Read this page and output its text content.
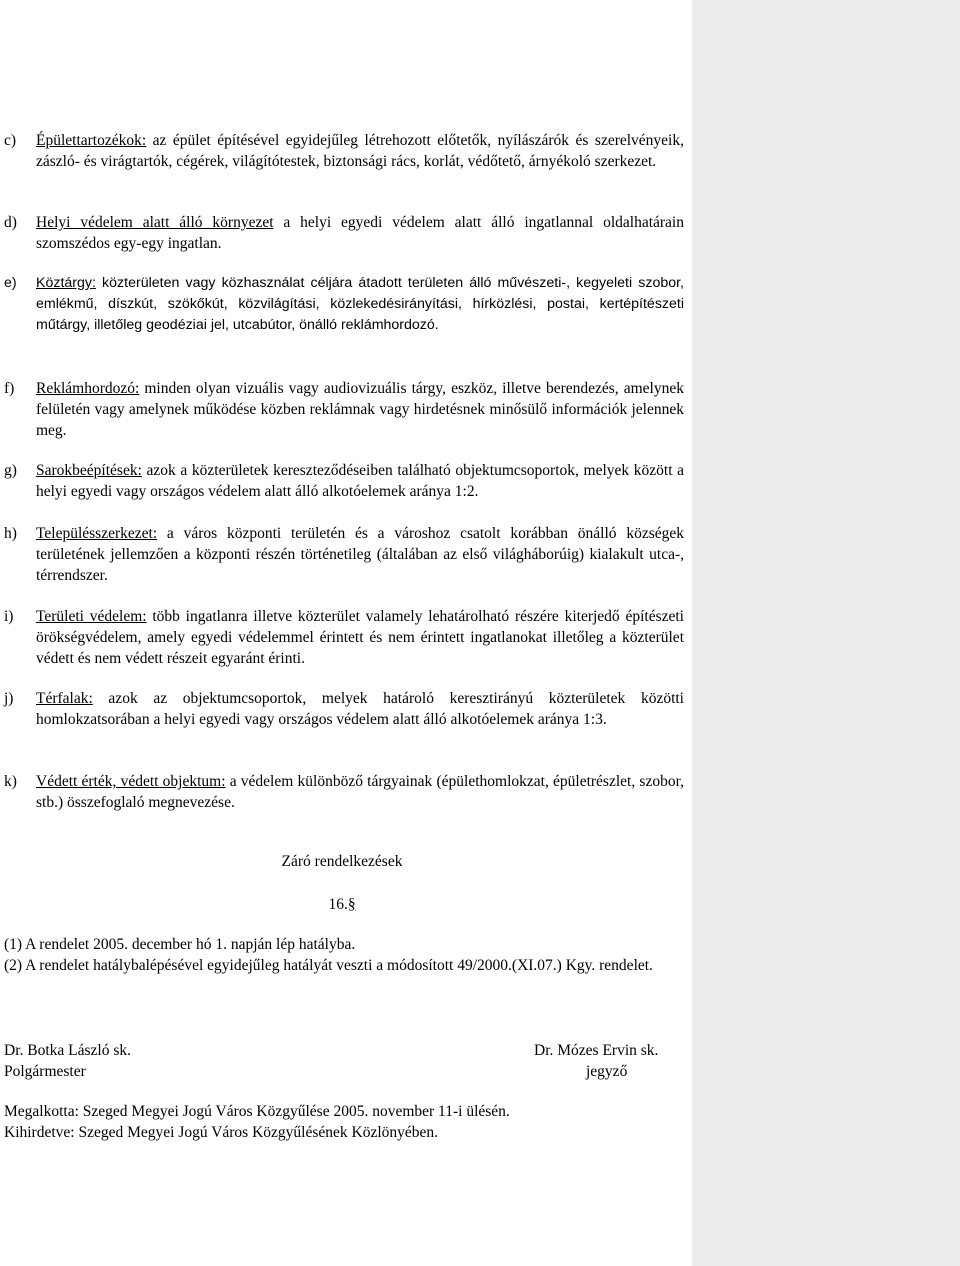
c) Épülettartozékok: az épület építésével egyidejűleg létrehozott előtetők, nyílászárók és szerelvényeik, zászló- és virágtartók, cégérek, világítótestek, biztonsági rács, korlát, védőtető, árnyékoló szerkezet.
d) Helyi védelem alatt álló környezet a helyi egyedi védelem alatt álló ingatlannal oldalhatárain szomszédos egy-egy ingatlan.
e) Köztárgy: közterületen vagy közhasználat céljára átadott területen álló művészeti-, kegyeleti szobor, emlékmű, díszkút, szökőkút, közvilágítási, közlekedésirányítási, hírközlési, postai, kertépítészeti műtárgy, illetőleg geodéziai jel, utcabútor, önálló reklámhordozó.
f) Reklámhordozó: minden olyan vizuális vagy audiovizuális tárgy, eszköz, illetve berendezés, amelynek felületén vagy amelynek működése közben reklámnak vagy hirdetésnek minősülő információk jelennek meg.
g) Sarokbeépítések: azok a közterületek kereszteződéseiben található objektumcsoportok, melyek között a helyi egyedi vagy országos védelem alatt álló alkotóelemek aránya 1:2.
h) Településszerkezet: a város központi területén és a városhoz csatolt korábban önálló községek területének jellemzően a központi részén történetileg (általában az első világháborúig) kialakult utca-, térrendszer.
i) Területi védelem: több ingatlanra illetve közterület valamely lehatárolható részére kiterjedő építészeti örökségvédelem, amely egyedi védelemmel érintett és nem érintett ingatlanokat illetőleg a közterület védett és nem védett részeit egyaránt érinti.
j) Térfalak: azok az objektumcsoportok, melyek határoló keresztirányú közterületek közötti homlokzatsorában a helyi egyedi vagy országos védelem alatt álló alkotóelemek aránya 1:3.
k) Védett érték, védett objektum: a védelem különböző tárgyainak (épülethomlokzat, épületrészlet, szobor, stb.) összefoglaló megnevezése.
Záró rendelkezések
16.§
(1) A rendelet 2005. december hó 1. napján lép hatályba.
(2) A rendelet hatálybalépésével egyidejűleg hatályát veszti a módosított 49/2000.(XI.07.) Kgy. rendelet.
Dr. Botka László sk.
Polgármester
Dr. Mózes Ervin sk.
jegyző
Megalkotta: Szeged Megyei Jogú Város Közgyűlése 2005. november 11-i ülésén.
Kihirdetve: Szeged Megyei Jogú Város Közgyűlésének Közlönyében.
